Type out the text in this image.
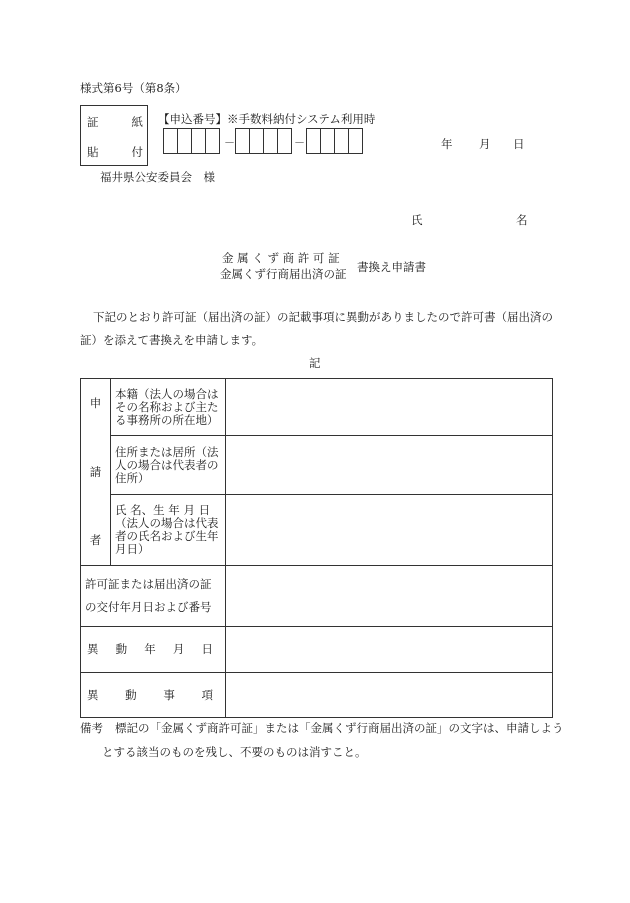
様式第6号（第8条）
証	紙
貼	付
【申込番号】※手数料納付システム利用時
－	－	年 月 日
福井県公安委員会　様
氏	名
金 属 く ず 商 許 可 証
金属くず行商届出済の証 書換え申請書
下記のとおり許可証（届出済の証）の記載事項に異動がありましたので許可書（届出済の
証）を添えて書換えを申請します。
記
申
請
者	本籍（法人の場合はその名称および主たる事務所の所在地）	

	住所または居所（法人の場合は代表者の住所）	

	氏 名、生 年 月 日
（法人の場合は代表者の氏名および生年月日）	

許可証または届出済の証
の交付年月日および番号		

異 動 年 月 日		

異 動 事 項		

備考 標記の「金属くず商許可証」または「金属くず行商届出済の証」の文字は、申請しよう
とする該当のものを残し、不要のものは消すこと。
